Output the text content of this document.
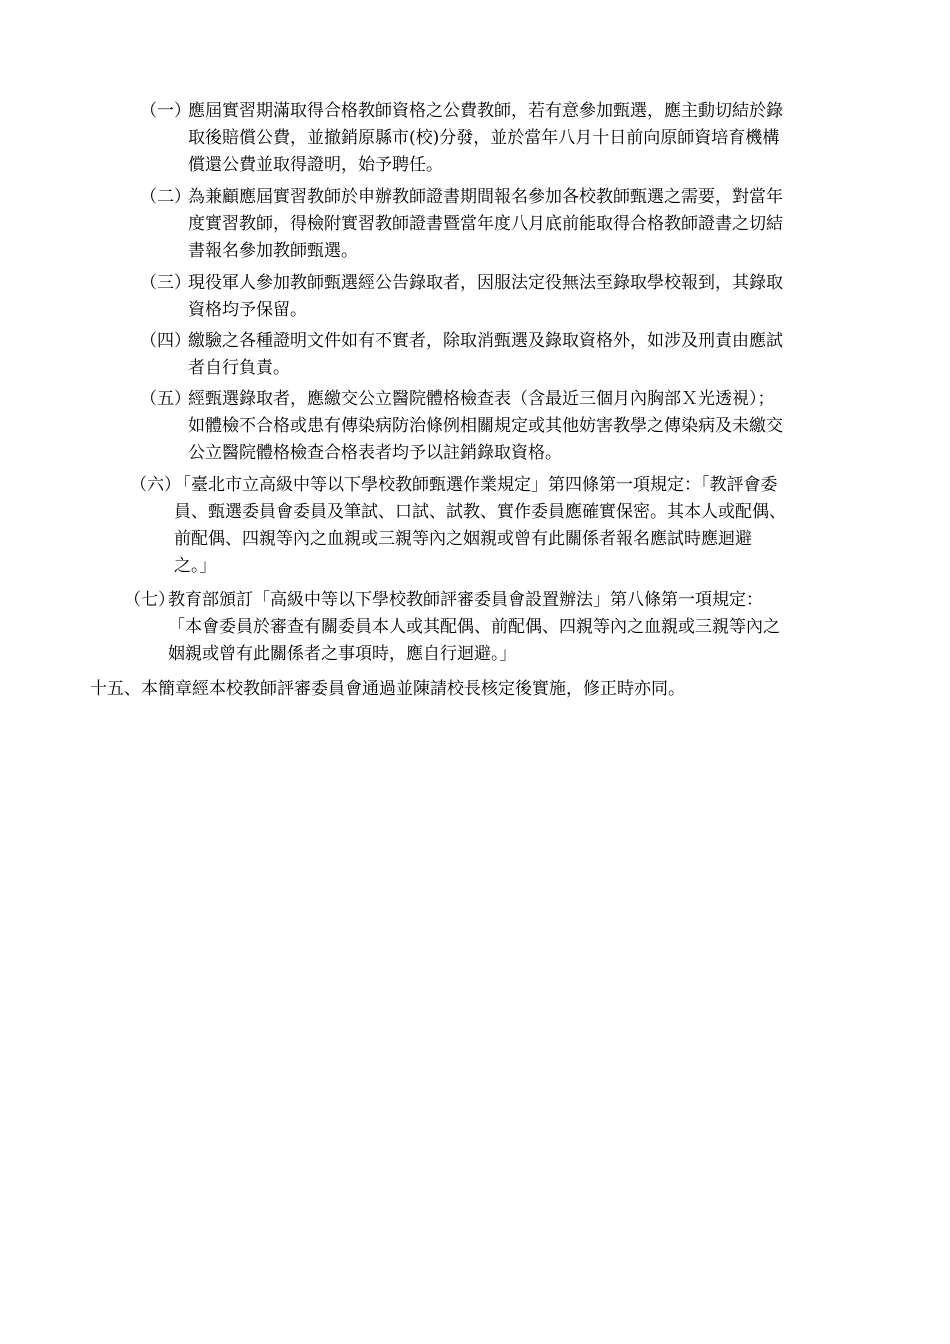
（一）
應屆實習期滿取得合格教師資格之公費教師，若有意參加甄選，應主動切結於錄
取後賠償公費，並撤銷原縣市(校)分發，並於當年八月十日前向原師資培育機構
償還公費並取得證明，始予聘任。
（二）
為兼顧應屆實習教師於申辦教師證書期間報名參加各校教師甄選之需要，對當年
度實習教師，得檢附實習教師證書暨當年度八月底前能取得合格教師證書之切結
書報名參加教師甄選。
（三）
現役軍人參加教師甄選經公告錄取者，因服法定役無法至錄取學校報到，其錄取
資格均予保留。
（四）
繳驗之各種證明文件如有不實者，除取消甄選及錄取資格外，如涉及刑責由應試
者自行負責。
（五）
經甄選錄取者，應繳交公立醫院體格檢查表（含最近三個月內胸部Ｘ光透視）；
如體檢不合格或患有傳染病防治條例相關規定或其他妨害教學之傳染病及未繳交
公立醫院體格檢查合格表者均予以註銷錄取資格。
（六）
「臺北市立高級中等以下學校教師甄選作業規定」第四條第一項規定：「教評會委
員、甄選委員會委員及筆試、口試、試教、實作委員應確實保密。其本人或配偶、
前配偶、四親等內之血親或三親等內之姻親或曾有此關係者報名應試時應迴避
之。」
（七）
教育部頒訂「高級中等以下學校教師評審委員會設置辦法」第八條第一項規定：
「本會委員於審查有關委員本人或其配偶、前配偶、四親等內之血親或三親等內之
姻親或曾有此關係者之事項時，應自行迴避。」
十五、本簡章經本校教師評審委員會通過並陳請校長核定後實施，修正時亦同。
